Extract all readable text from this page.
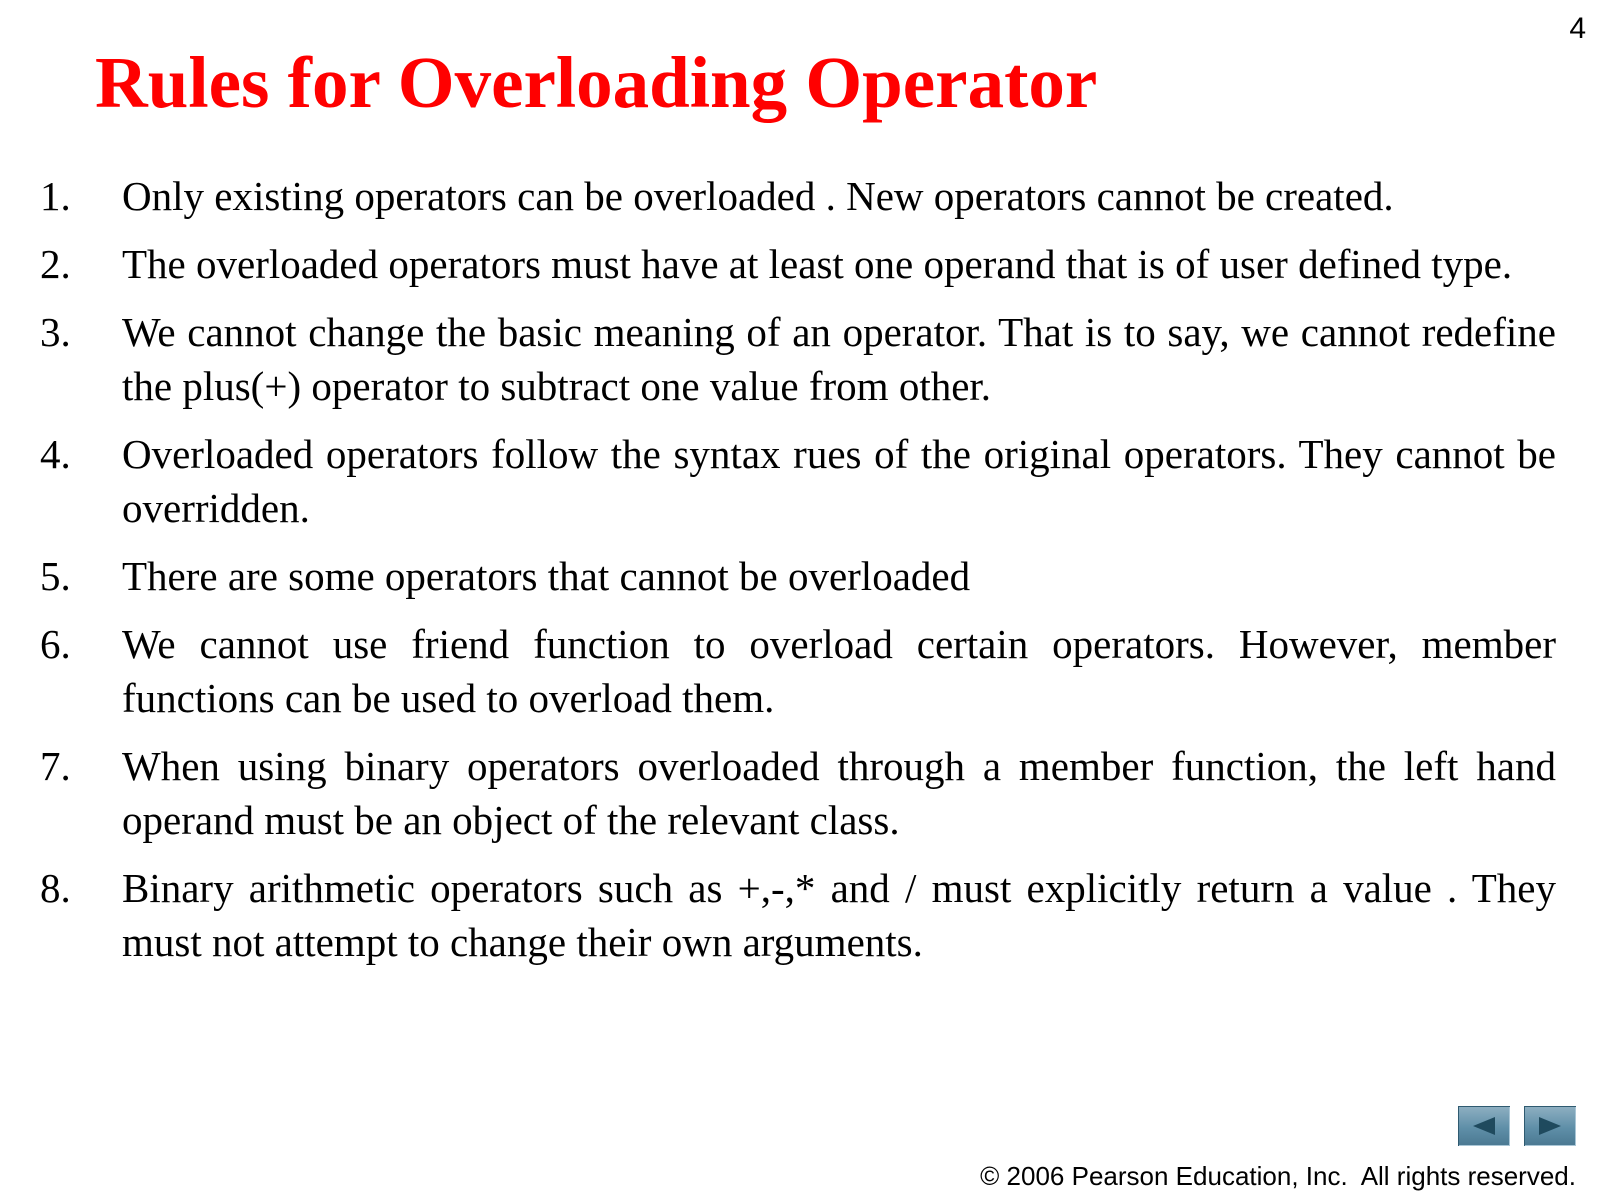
4
Rules for Overloading Operator
1.	Only existing operators can be overloaded . New operators cannot be created.
2.	The overloaded operators must have at least one operand that is of user defined type.
3.	We cannot change the basic meaning of an operator. That is to say, we cannot redefine the plus(+) operator to subtract one value from other.
4.	Overloaded operators follow the syntax rues of the original operators. They cannot be overridden.
5.	There are some operators that cannot be overloaded
6.	We cannot use friend function to overload certain operators. However, member functions can be used to overload them.
7.	When using binary operators overloaded through a member function, the left hand operand must be an object of the relevant class.
8.	Binary arithmetic operators such as +,-,* and / must explicitly return a value . They must not attempt to change their own arguments.
© 2006 Pearson Education, Inc.  All rights reserved.
